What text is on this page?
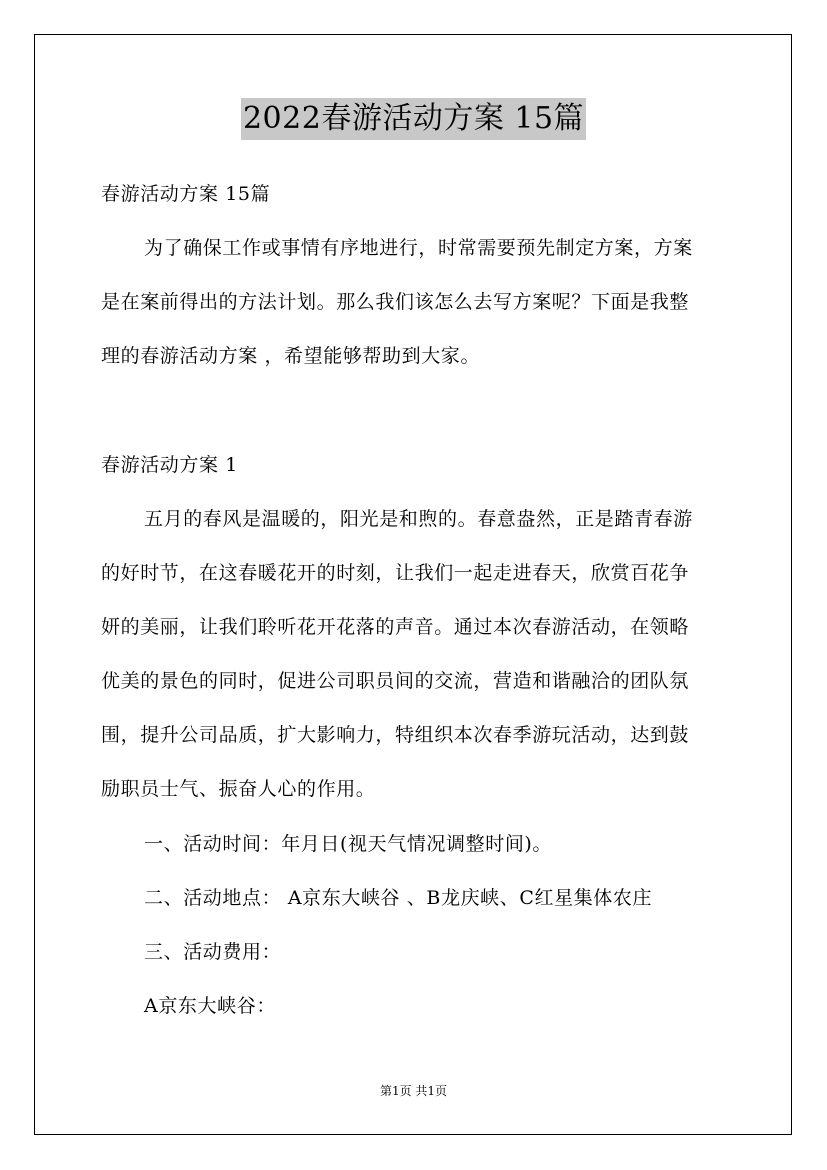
2022春游活动方案 15篇
春游活动方案 15篇
为了确保工作或事情有序地进行，时常需要预先制定方案，方案
是在案前得出的方法计划。那么我们该怎么去写方案呢？下面是我整
理的春游活动方案 ，希望能够帮助到大家。
春游活动方案 1
五月的春风是温暖的，阳光是和煦的。春意盎然，正是踏青春游
的好时节，在这春暖花开的时刻，让我们一起走进春天，欣赏百花争
妍的美丽，让我们聆听花开花落的声音。通过本次春游活动，在领略
优美的景色的同时，促进公司职员间的交流，营造和谐融洽的团队氛
围，提升公司品质，扩大影响力，特组织本次春季游玩活动，达到鼓
励职员士气、振奋人心的作用。
一、活动时间：年月日(视天气情况调整时间)。
二、活动地点： A京东大峡谷 、B龙庆峡、C红星集体农庄
三、活动费用：
A京东大峡谷：
第1页 共1页
